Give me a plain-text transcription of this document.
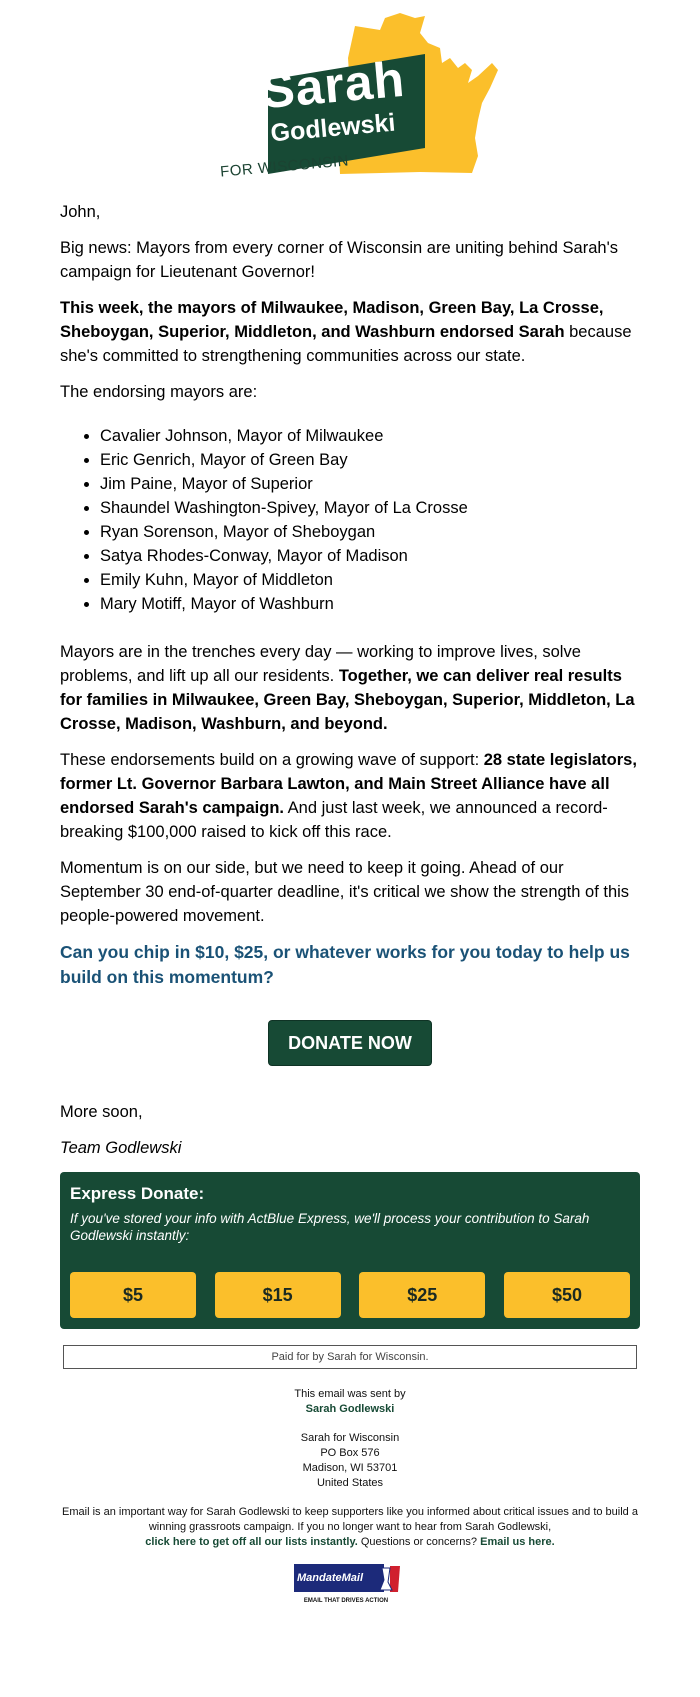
Sarah
Godlewski
FOR WISCONSIN

John,

Big news: Mayors from every corner of Wisconsin are uniting behind Sarah's campaign for Lieutenant Governor!

This week, the mayors of Milwaukee, Madison, Green Bay, La Crosse, Sheboygan, Superior, Middleton, and Washburn endorsed Sarah because she's committed to strengthening communities across our state.

The endorsing mayors are:

• Cavalier Johnson, Mayor of Milwaukee
• Eric Genrich, Mayor of Green Bay
• Jim Paine, Mayor of Superior
• Shaundel Washington-Spivey, Mayor of La Crosse
• Ryan Sorenson, Mayor of Sheboygan
• Satya Rhodes-Conway, Mayor of Madison
• Emily Kuhn, Mayor of Middleton
• Mary Motiff, Mayor of Washburn

Mayors are in the trenches every day — working to improve lives, solve problems, and lift up all our residents. Together, we can deliver real results for families in Milwaukee, Green Bay, Sheboygan, Superior, Middleton, La Crosse, Madison, Washburn, and beyond.

These endorsements build on a growing wave of support: 28 state legislators, former Lt. Governor Barbara Lawton, and Main Street Alliance have all endorsed Sarah's campaign. And just last week, we announced a record-breaking $100,000 raised to kick off this race.

Momentum is on our side, but we need to keep it going. Ahead of our September 30 end-of-quarter deadline, it's critical we show the strength of this people-powered movement.

Can you chip in $10, $25, or whatever works for you today to help us build on this momentum?
DONATE NOW

More soon,

Team Godlewski

Express Donate:
If you've stored your info with ActBlue Express, we'll process your contribution to Sarah Godlewski instantly:
$5	$15	$25	$50
Paid for by Sarah for Wisconsin.
This email was sent by
Sarah Godlewski
Sarah for Wisconsin
PO Box 576
Madison, WI 53701
United States
Email is an important way for Sarah Godlewski to keep supporters like you informed about critical issues and to build a winning grassroots campaign. If you no longer want to hear from Sarah Godlewski,
click here to get off all our lists instantly. Questions or concerns? Email us here.
MandateMail
EMAIL THAT DRIVES ACTION
